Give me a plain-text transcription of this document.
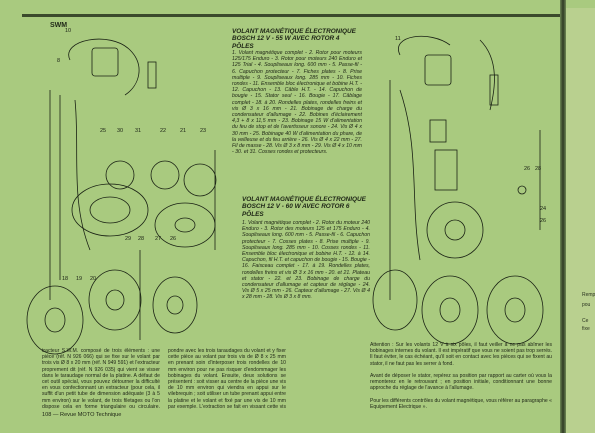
SWM
25 30 31	22	21	23
18 19 20
29 28 27 26
10
8
11
26 28
24
26
VOLANT MAGNÉTIQUE ÉLECTRONIQUE BOSCH 12 V - 55 W AVEC ROTOR 4 PÔLES
1. Volant magnétique complet - 2. Rotor pour moteurs 125/175 Enduro - 3. Rotor pour moteurs 240 Enduro et 125 Trial - 4. Soupliseaux long. 600 mm - 5. Passe-fil - 6. Capuchon protecteur - 7. Fiches plates - 8. Prise multiple - 9. Soupliseaux long. 285 mm - 10. Fiches rondes - 11. Ensemble bloc électronique et bobine H.T. - 12. Capuchon - 13. Câble H.T. - 14. Capuchon de bougie - 15. Stator seul - 16. Bougie - 17. Câblage complet - 18. à 20. Rondelles plates, rondelles freins et vis Ø 3 x 16 mm - 21. Bobinage de charge du condensateur d'allumage - 22. Bobines d'éclairement 4,3 + 8 x 11,5 mm - 23. Bobinage 15 W d'alimentation du feu de stop et de l'avertisseur sonore - 24. Vis Ø 4 x 30 mm - 25. Bobinage 40 W d'alimentation du phare, de la veilleuse et du feu arrière - 26. Vis Ø 4 x 22 mm - 27. Fil de masse - 28. Vis Ø 3 x 8 mm - 29. Vis Ø 4 x 10 mm - 30. et 31. Cosses rondes et protecteurs.
VOLANT MAGNÉTIQUE ÉLECTRONIQUE BOSCH 12 V - 60 W AVEC ROTOR 6 PÔLES
1. Volant magnétique complet - 2. Rotor du moteur 240 Enduro - 3. Rotor des moteurs 125 et 175 Enduro - 4. Soupliseaux long. 600 mm - 5. Passe-fil - 6. Capuchon protecteur - 7. Cosses plates - 8. Prise multiple - 9. Soupliseaux long. 285 mm - 10. Cosses rondes - 11. Ensemble bloc électronique et bobine H.T. - 12. à 14. Capuchon, fil H.T. et capuchon de bougie - 15. Bougie - 16. Faisceau complet - 17. à 19. Rondelles plates, rondelles freins et vis Ø 3 x 16 mm - 20. et 21. Plateau et stator - 22. et 23. Bobinage de charge du condensateur d'allumage et capteur de réglage - 24. Vis Ø 5 x 25 mm - 26. Capteur d'allumage - 27. Vis Ø 4 x 28 mm - 28. Vis Ø 3 x 8 mm.
tracteur S.W.M. composé de trois éléments : une pièce (réf. N 926 066) qui se fixe sur le volant par trois vis Ø 8 x 20 mm (réf. N 949 591) et l'extracteur proprement dit (réf. N 926 035) qui vient se visser dans le taraudage normal de la platine. A défaut de cet outil spécial, vous pouvez détourner la difficulté en vous confectionnant un extracteur (pour cela, il suffit d'un petit tube de dimension adéquate (3 à 5 mm environ) sur le volant, de trois filetages ou l'on dispose cela en forme triangulaire ou circulaire.
pondre avec les trois taraudages du volant et y fixer cette pièce au volant par trois vis de Ø 8 x 25 mm en prenant soin d'interposer trois rondelles de 10 mm environ pour ne pas risquer d'endommager les bobinages du volant. Ensuite, deux solutions se présentent : soit visser au centre de la pièce une vis de 10 mm environ qui viendra en appui sur le vilebrequin ; soit utiliser un tube prenant appui entre la platine et le volant et fixé par une vis de 10 mm par exemple. L'extraction se fait en vissant cette vis
Attention : Sur les volants 12 V à six pôles, il faut veiller à ne pas abîmer les bobinages internes du volant. Il est impératif que vous ne soient pas trop serrés. Il faut éviter, le cas échéant, qu'il soit en contact avec les pièces qui se fixent au stator, il ne faut pas les serrer à fond.

Avant de déposer le stator, repérez sa position par rapport au carter où vous la remonterez en le retrouvant ; en position initiale, conditionnant une bonne approche du réglage de l'avance à l'allumage.

Pour les différents contrôles du volant magnétique, vous référer au paragraphe « Equipement Electrique ».
108 — Revue MOTO Technique
Remp
pou
Ce
fixe
